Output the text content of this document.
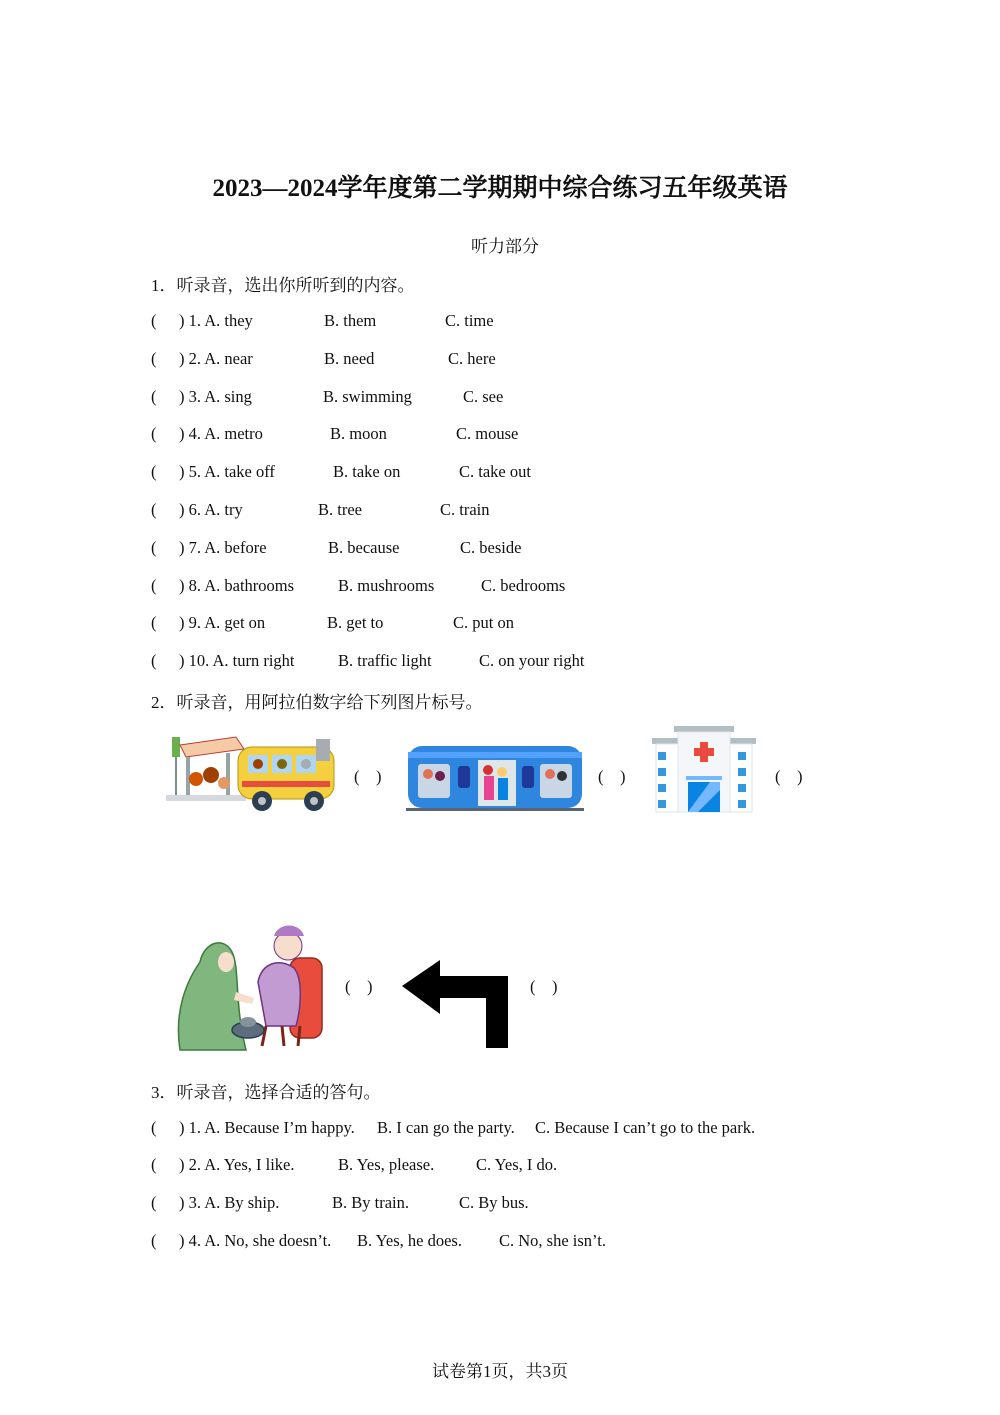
2023—2024学年度第二学期期中综合练习五年级英语
听力部分
1．听录音，选出你所听到的内容。
( ) 1. A. they	B. them	C. time
( ) 2. A. near	B. need	C. here
( ) 3. A. sing	B. swimming	C. see
( ) 4. A. metro	B. moon	C. mouse
( ) 5. A. take off	B. take on	C. take out
( ) 6. A. try	B. tree	C. train
( ) 7. A. before	B. because	C. beside
( ) 8. A. bathrooms	B. mushrooms	C. bedrooms
( ) 9. A. get on	B. get to	C. put on
( ) 10. A. turn right	B. traffic light	C. on your right
2．听录音，用阿拉伯数字给下列图片标号。
(    )	(    )	(    )
(    )	(    )
3．听录音，选择合适的答句。
( ) 1. A. Because I’m happy. B. I can go the party. C. Because I can’t go to the park.
( ) 2. A. Yes, I like.	B. Yes, please.	C. Yes, I do.
( ) 3. A. By ship.	B. By train.	C. By bus.
( ) 4. A. No, she doesn’t. B. Yes, he does. C. No, she isn’t.
试卷第1页，共3页
